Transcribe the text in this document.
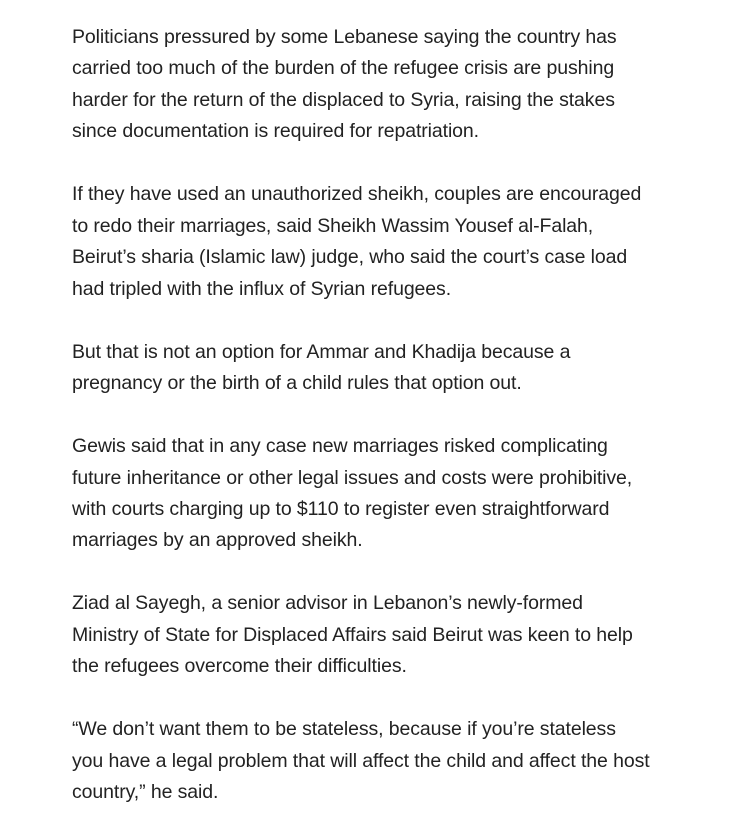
Politicians pressured by some Lebanese saying the country has
carried too much of the burden of the refugee crisis are pushing
harder for the return of the displaced to Syria, raising the stakes
since documentation is required for repatriation.

If they have used an unauthorized sheikh, couples are encouraged
to redo their marriages, said Sheikh Wassim Yousef al-Falah,
Beirut’s sharia (Islamic law) judge, who said the court’s case load
had tripled with the influx of Syrian refugees.

But that is not an option for Ammar and Khadija because a
pregnancy or the birth of a child rules that option out.

Gewis said that in any case new marriages risked complicating
future inheritance or other legal issues and costs were prohibitive,
with courts charging up to $110 to register even straightforward
marriages by an approved sheikh.

Ziad al Sayegh, a senior advisor in Lebanon’s newly-formed
Ministry of State for Displaced Affairs said Beirut was keen to help
the refugees overcome their difficulties.

“We don’t want them to be stateless, because if you’re stateless
you have a legal problem that will affect the child and affect the host
country,” he said.
